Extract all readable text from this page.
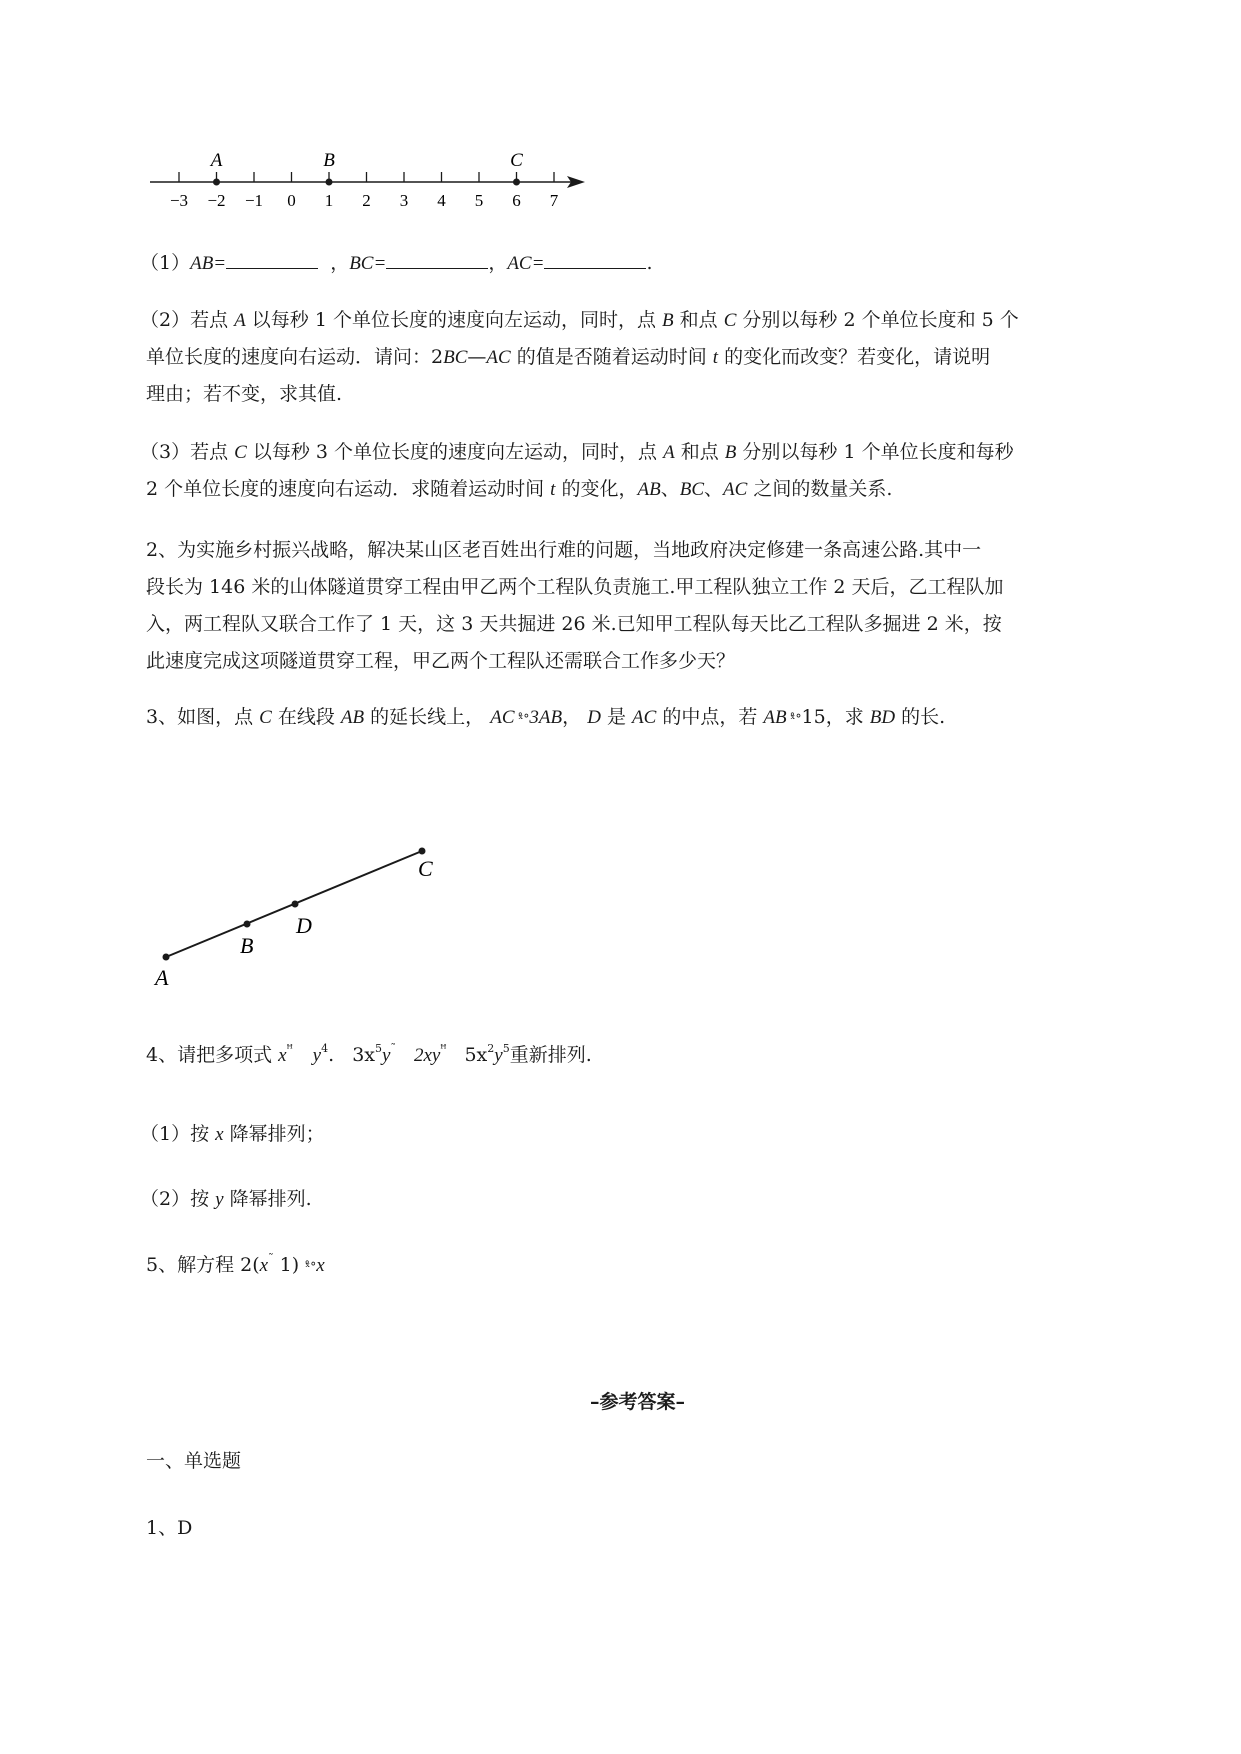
−3 −2 −1 0 1 2 3 4 5 6 7
A	B	C
（1）AB=	，BC=	，AC=	.
（2）若点 A 以每秒 1 个单位长度的速度向左运动，同时，点 B 和点 C 分别以每秒 2 个单位长度和 5 个
单位长度的速度向右运动．请问：2BC—AC 的值是否随着运动时间 t 的变化而改变？若变化，请说明
理由；若不变，求其值.
（3）若点 C 以每秒 3 个单位长度的速度向左运动，同时，点 A 和点 B 分别以每秒 1 个单位长度和每秒
2 个单位长度的速度向右运动．求随着运动时间 t 的变化，AB、BC、AC 之间的数量关系.
2、为实施乡村振兴战略，解决某山区老百姓出行难的问题，当地政府决定修建一条高速公路.其中一
段长为 146 米的山体隧道贯穿工程由甲乙两个工程队负责施工.甲工程队独立工作 2 天后，乙工程队加
入，两工程队又联合工作了 1 天，这 3 天共掘进 26 米.已知甲工程队每天比乙工程队多掘进 2 米，按
此速度完成这项隧道贯穿工程，甲乙两个工程队还需联合工作多少天？
3、如图，点 C 在线段 AB 的延长线上， AC ˣ̊°3AB， D 是 AC 的中点，若 AB ˣ̊°15，求 BD 的长.
A
B
D
C
4、请把多项式 $x^ꟸ$ $y^4$. $3x^5y^˜$ $2xy^ꟸ$ $5x^2y^5$重新排列.
（1）按 x 降幂排列；
（2）按 y 降幂排列.
5、解方程 2(x˜ 1) ˣ̊°x
–参考答案–
一、单选题
1、D
